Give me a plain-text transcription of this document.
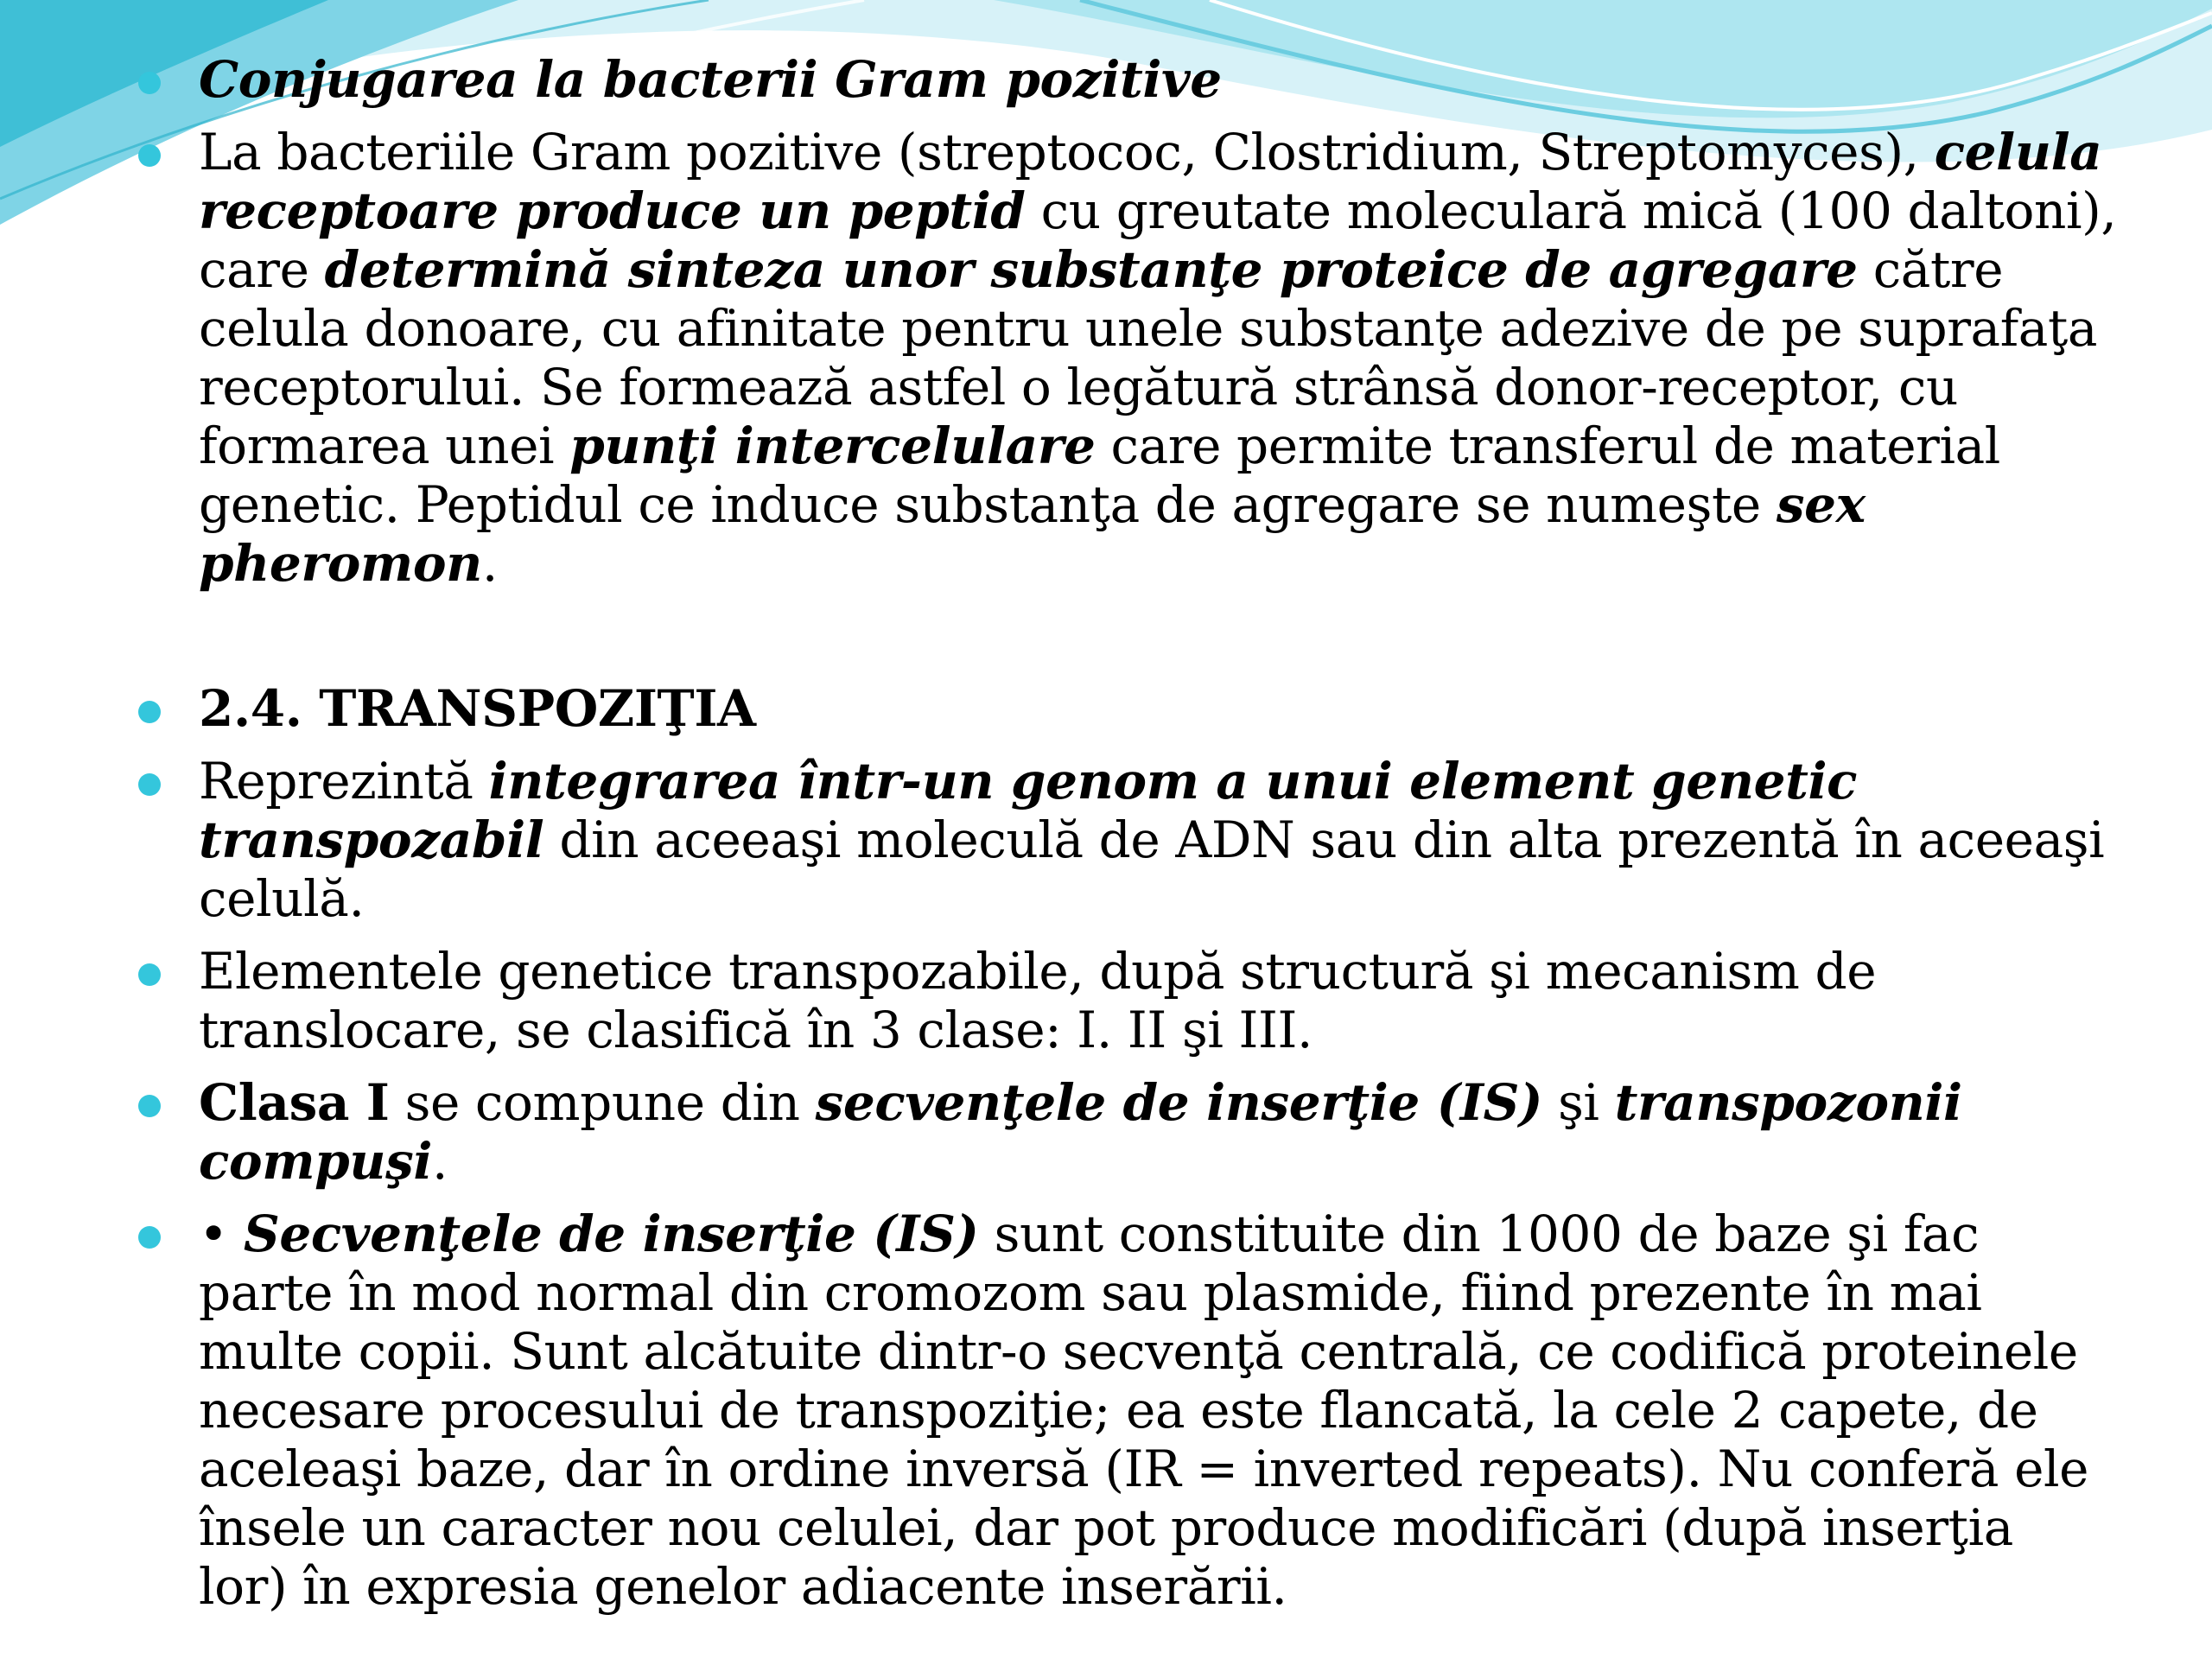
Conjugarea la bacterii Gram pozitive
La bacteriile Gram pozitive (streptococ, Clostridium, Streptomyces), celula receptoare produce un peptid cu greutate moleculară mică (100 daltoni), care determină sinteza unor substanţe proteice de agregare către celula donoare, cu afinitate pentru unele substanţe adezive de pe suprafaţa receptorului. Se formează astfel o legătură strânsă donor-receptor, cu formarea unei punţi intercelulare care permite transferul de material genetic. Peptidul ce induce substanţa de agregare se numeşte sex pheromon.
2.4. TRANSPOZIŢIA
Reprezintă integrarea într-un genom a unui element genetic transpozabil din aceeaşi moleculă de ADN sau din alta prezentă în aceeaşi celulă.
Elementele genetice transpozabile, după structură şi mecanism de translocare, se clasifică în 3 clase: I. II şi III.
Clasa I se compune din secvenţele de inserţie (IS) şi transpozonii compuşi.
• Secvenţele de inserţie (IS) sunt constituite din 1000 de baze şi fac parte în mod normal din cromozom sau plasmide, fiind prezente în mai multe copii. Sunt alcătuite dintr-o secvenţă centrală, ce codifică proteinele necesare procesului de transpoziţie; ea este flancată, la cele 2 capete, de aceleaşi baze, dar în ordine inversă (IR = inverted repeats). Nu conferă ele însele un caracter nou celulei, dar pot produce modificări (după inserţia lor) în expresia genelor adiacente inserării.
